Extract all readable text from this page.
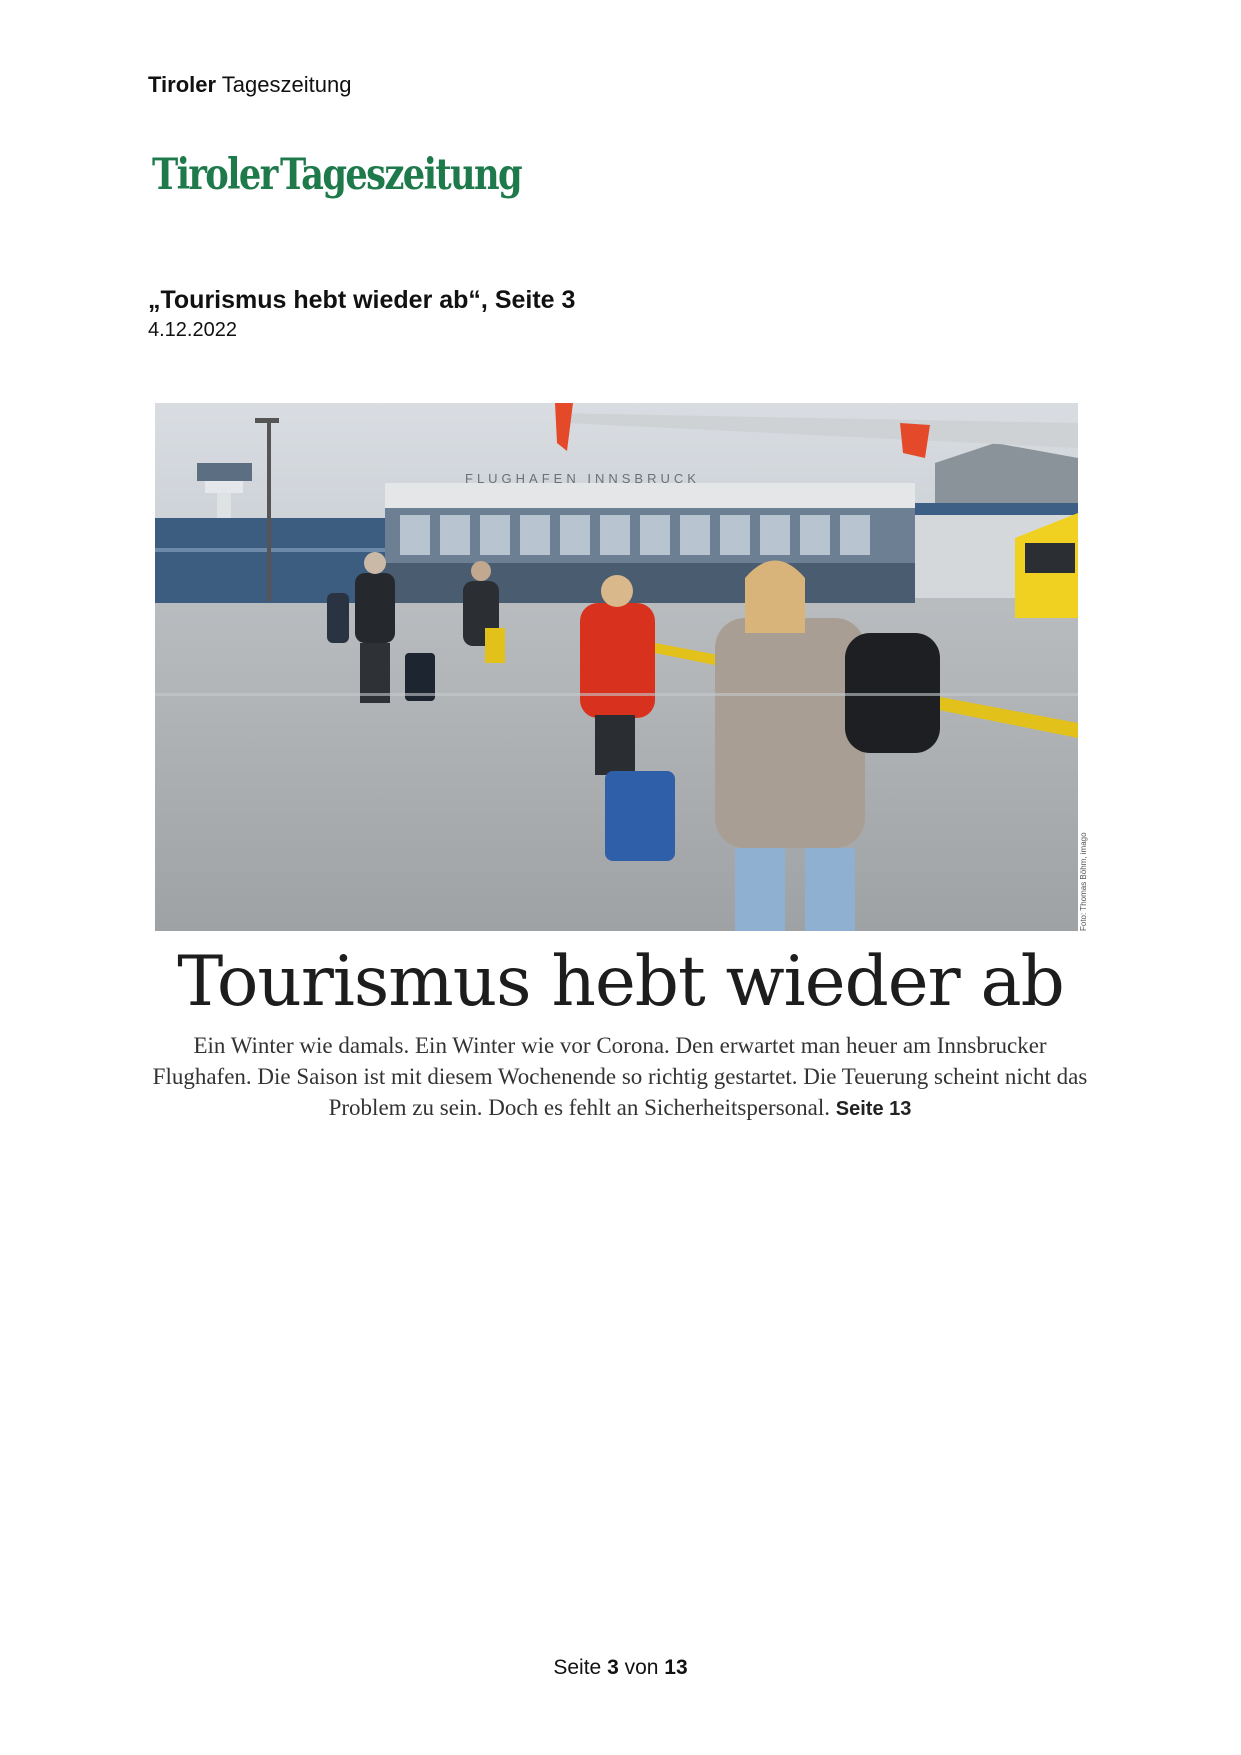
Tiroler Tageszeitung
Tiroler Tageszeitung
„Tourismus hebt wieder ab“, Seite 3
4.12.2022
FLUGHAFEN INNSBRUCK
Foto: Thomas Böhm, imago
Tourismus hebt wieder ab
Ein Winter wie damals. Ein Winter wie vor Corona. Den erwartet man heuer am Innsbrucker Flughafen. Die Saison ist mit diesem Wochenende so richtig gestartet. Die Teuerung scheint nicht das Problem zu sein. Doch es fehlt an Sicherheitspersonal. Seite 13
Seite 3 von 13
